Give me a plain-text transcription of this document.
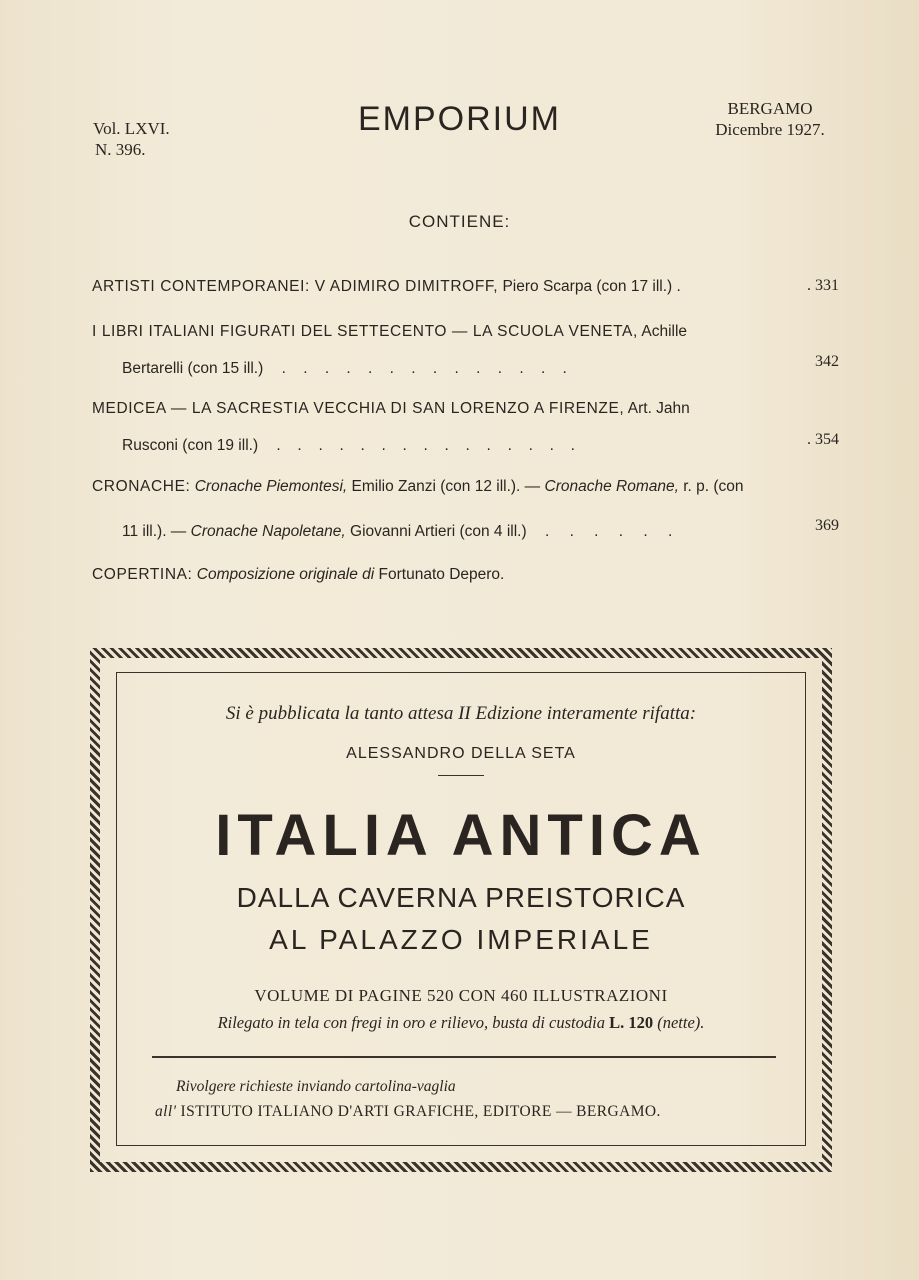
Vol. LXVI.
N. 396.
EMPORIUM	BERGAMO
Dicembre 1927.
CONTIENE:
ARTISTI CONTEMPORANEI: V ADIMIRO DIMITROFF, Piero Scarpa (con 17 ill.) .	. 331
I LIBRI ITALIANI FIGURATI DEL SETTECENTO — LA SCUOLA VENETA, Achille
Bertarelli (con 15 ill.) . . . . . . . . . . . . . .	342
MEDICEA — LA SACRESTIA VECCHIA DI SAN LORENZO A FIRENZE, Art. Jahn
Rusconi (con 19 ill.) . . . . . . . . . . . . . . .	. 354
CRONACHE: Cronache Piemontesi, Emilio Zanzi (con 12 ill.). — Cronache Romane, r. p. (con
11 ill.). — Cronache Napoletane, Giovanni Artieri (con 4 ill.) . . . . . .	369
COPERTINA: Composizione originale di Fortunato Depero.
Si è pubblicata la tanto attesa II Edizione interamente rifatta:
ALESSANDRO DELLA SETA
ITALIA ANTICA
DALLA CAVERNA PREISTORICA
AL PALAZZO IMPERIALE
VOLUME DI PAGINE 520 CON 460 ILLUSTRAZIONI
Rilegato in tela con fregi in oro e rilievo, busta di custodia L. 120 (nette).
Rivolgere richieste inviando cartolina-vaglia
all' ISTITUTO ITALIANO D'ARTI GRAFICHE, EDITORE — BERGAMO.
